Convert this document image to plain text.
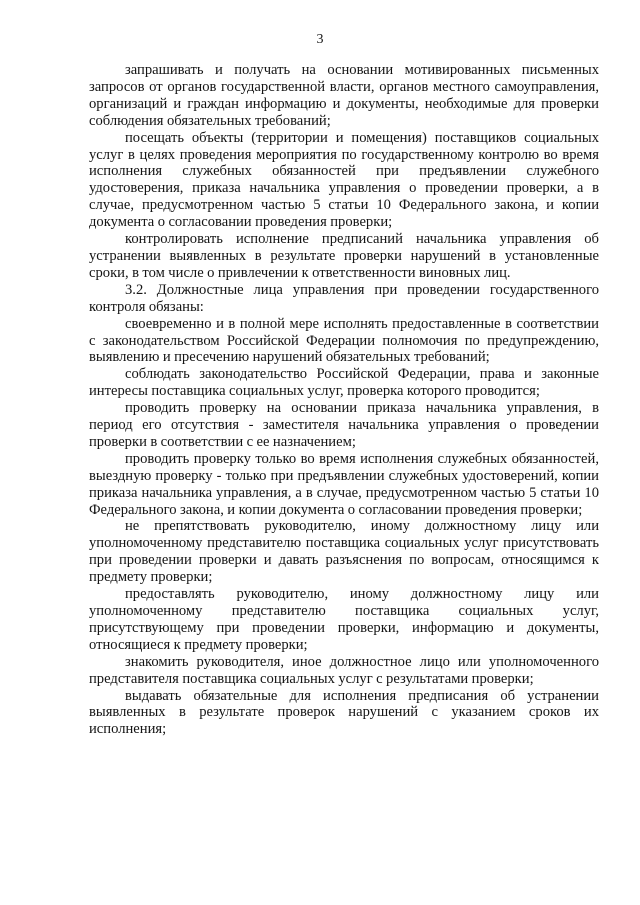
3

запрашивать и получать на основании мотивированных письменных запросов от органов государственной власти, органов местного самоуправления, организаций и граждан информацию и документы, необходимые для проверки соблюдения обязательных требований;

посещать объекты (территории и помещения) поставщиков социальных услуг в целях проведения мероприятия по государственному контролю во время исполнения служебных обязанностей при предъявлении служебного удостоверения, приказа начальника управления о проведении проверки, а в случае, предусмотренном частью 5 статьи 10 Федерального закона, и копии документа о согласовании проведения проверки;

контролировать исполнение предписаний начальника управления об устранении выявленных в результате проверки нарушений в установленные сроки, в том числе о привлечении к ответственности виновных лиц.

3.2. Должностные лица управления при проведении государственного контроля обязаны:

своевременно и в полной мере исполнять предоставленные в соответствии с законодательством Российской Федерации полномочия по предупреждению, выявлению и пресечению нарушений обязательных требований;

соблюдать законодательство Российской Федерации, права и законные интересы поставщика социальных услуг, проверка которого проводится;

проводить проверку на основании приказа начальника управления, в период его отсутствия - заместителя начальника управления о проведении проверки в соответствии с ее назначением;

проводить проверку только во время исполнения служебных обязанностей, выездную проверку - только при предъявлении служебных удостоверений, копии приказа начальника управления, а в случае, предусмотренном частью 5 статьи 10 Федерального закона, и копии документа о согласовании проведения проверки;

не препятствовать руководителю, иному должностному лицу или уполномоченному представителю поставщика социальных услуг присутствовать при проведении проверки и давать разъяснения по вопросам, относящимся к предмету проверки;

предоставлять руководителю, иному должностному лицу или уполномоченному представителю поставщика социальных услуг, присутствующему при проведении проверки, информацию и документы, относящиеся к предмету проверки;

знакомить руководителя, иное должностное лицо или уполномоченного представителя поставщика социальных услуг с результатами проверки;

выдавать обязательные для исполнения предписания об устранении выявленных в результате проверок нарушений с указанием сроков их исполнения;
